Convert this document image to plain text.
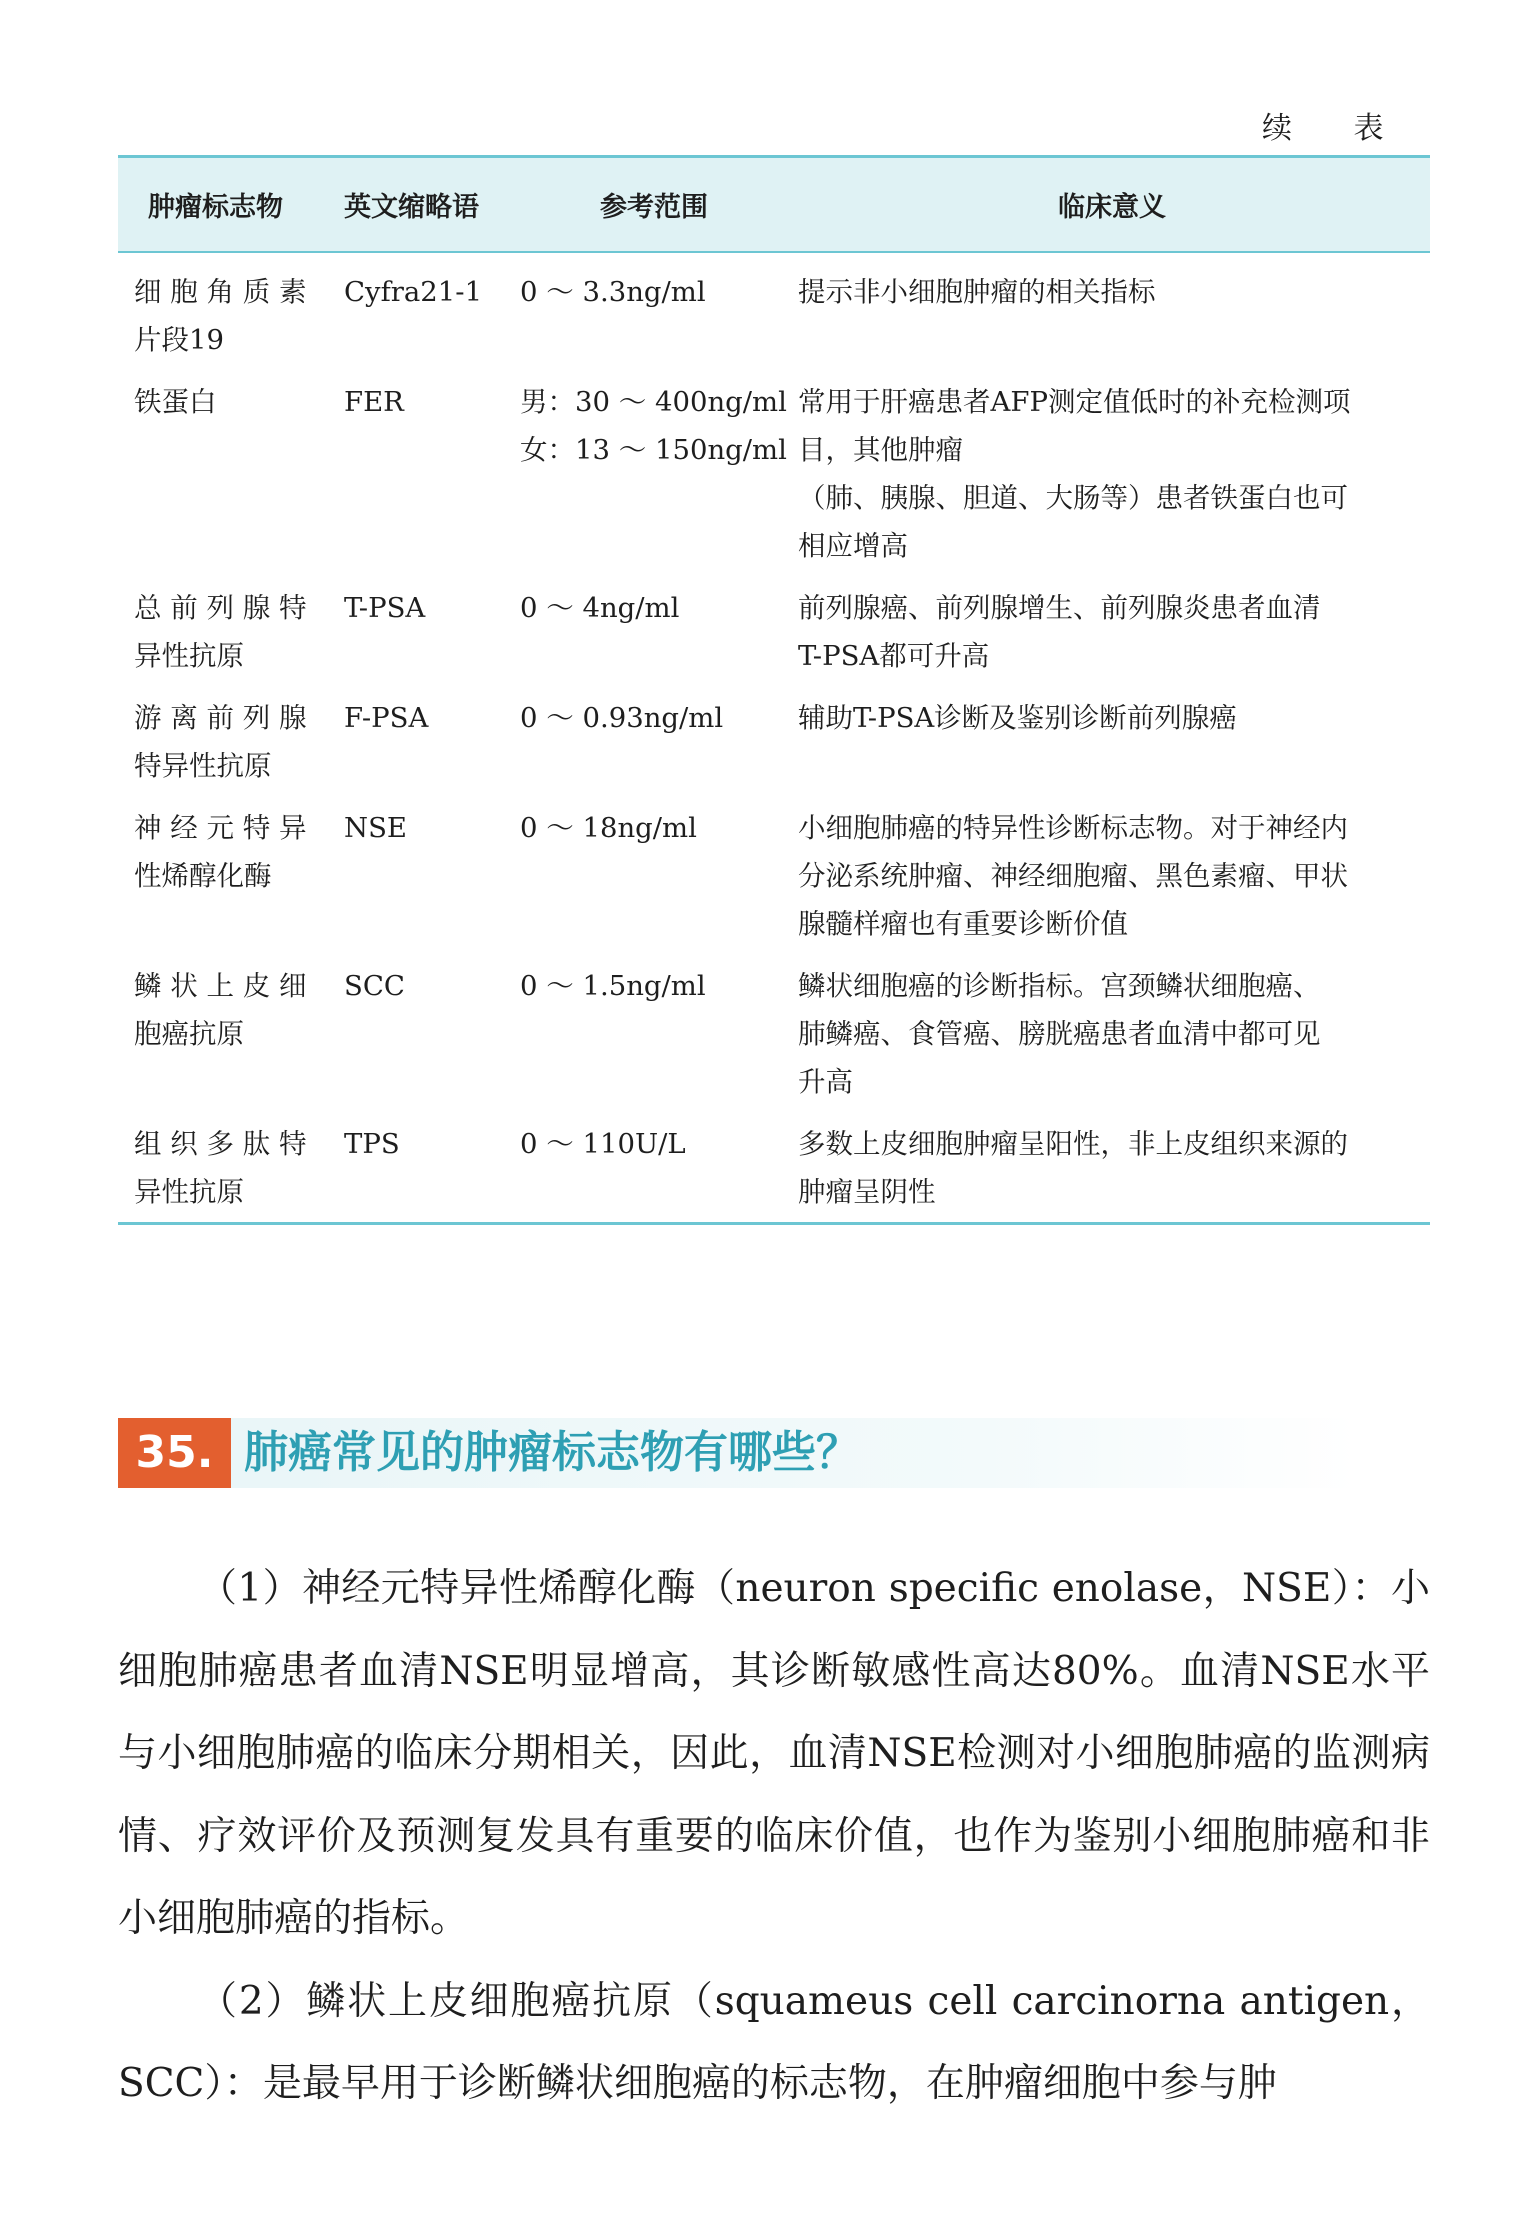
续 表
肿瘤标志物	英文缩略语	参考范围	临床意义

细 胞 角 质 素
片段19	Cyfra21-1	0 ～ 3.3ng/ml	提示非小细胞肿瘤的相关指标

铁蛋白	FER	男：30 ～ 400ng/ml
女：13 ～ 150ng/ml	常用于肝癌患者AFP测定值低时的补充检测项
目，其他肿瘤
（肺、胰腺、胆道、大肠等）患者铁蛋白也可
相应增高

总 前 列 腺 特
异性抗原	T-PSA	0 ～ 4ng/ml	前列腺癌、前列腺增生、前列腺炎患者血清
T-PSA都可升高

游 离 前 列 腺
特异性抗原	F-PSA	0 ～ 0.93ng/ml	辅助T-PSA诊断及鉴别诊断前列腺癌

神 经 元 特 异
性烯醇化酶	NSE	0 ～ 18ng/ml	小细胞肺癌的特异性诊断标志物。对于神经内
分泌系统肿瘤、神经细胞瘤、黑色素瘤、甲状
腺髓样瘤也有重要诊断价值

鳞 状 上 皮 细
胞癌抗原	SCC	0 ～ 1.5ng/ml	鳞状细胞癌的诊断指标。宫颈鳞状细胞癌、
肺鳞癌、食管癌、膀胱癌患者血清中都可见
升高

组 织 多 肽 特
异性抗原	TPS	0 ～ 110U/L	多数上皮细胞肿瘤呈阳性，非上皮组织来源的
肿瘤呈阴性
35. 肺癌常见的肿瘤标志物有哪些？

（1）神经元特异性烯醇化酶（neuron specific enolase，NSE）：小细胞肺癌患者血清NSE明显增高，其诊断敏感性高达80%。血清NSE水平与小细胞肺癌的临床分期相关，因此，血清NSE检测对小细胞肺癌的监测病情、疗效评价及预测复发具有重要的临床价值，也作为鉴别小细胞肺癌和非小细胞肺癌的指标。

（2）鳞状上皮细胞癌抗原（squameus cell carcinorna antigen，SCC）：是最早用于诊断鳞状细胞癌的标志物，在肿瘤细胞中参与肿
